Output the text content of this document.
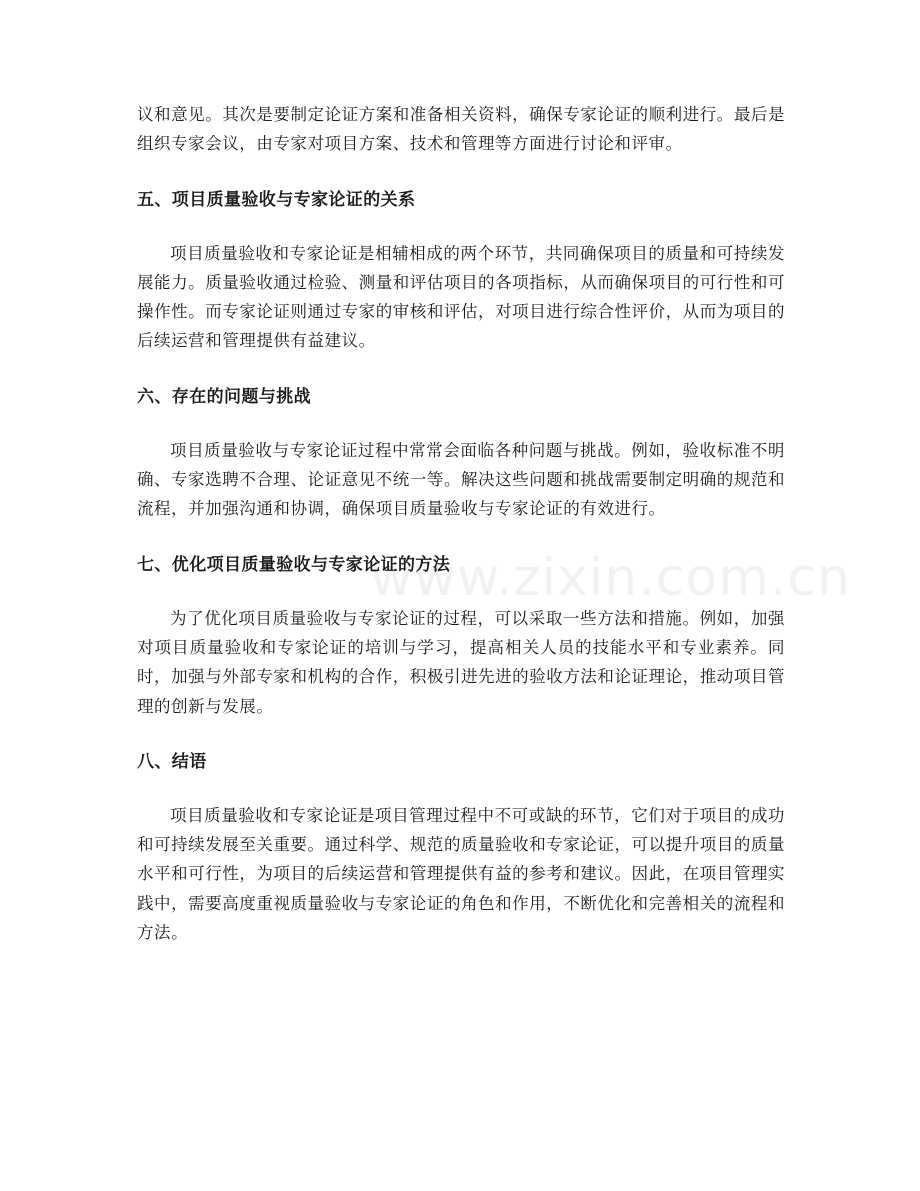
www.zixin.com.cn

议和意见。其次是要制定论证方案和准备相关资料，确保专家论证的顺利进行。最后是组织专家会议，由专家对项目方案、技术和管理等方面进行讨论和评审。

五、项目质量验收与专家论证的关系

项目质量验收和专家论证是相辅相成的两个环节，共同确保项目的质量和可持续发展能力。质量验收通过检验、测量和评估项目的各项指标，从而确保项目的可行性和可操作性。而专家论证则通过专家的审核和评估，对项目进行综合性评价，从而为项目的后续运营和管理提供有益建议。

六、存在的问题与挑战

项目质量验收与专家论证过程中常常会面临各种问题与挑战。例如，验收标准不明确、专家选聘不合理、论证意见不统一等。解决这些问题和挑战需要制定明确的规范和流程，并加强沟通和协调，确保项目质量验收与专家论证的有效进行。

七、优化项目质量验收与专家论证的方法

为了优化项目质量验收与专家论证的过程，可以采取一些方法和措施。例如，加强对项目质量验收和专家论证的培训与学习，提高相关人员的技能水平和专业素养。同时，加强与外部专家和机构的合作，积极引进先进的验收方法和论证理论，推动项目管理的创新与发展。

八、结语

项目质量验收和专家论证是项目管理过程中不可或缺的环节，它们对于项目的成功和可持续发展至关重要。通过科学、规范的质量验收和专家论证，可以提升项目的质量水平和可行性，为项目的后续运营和管理提供有益的参考和建议。因此，在项目管理实践中，需要高度重视质量验收与专家论证的角色和作用，不断优化和完善相关的流程和方法。
